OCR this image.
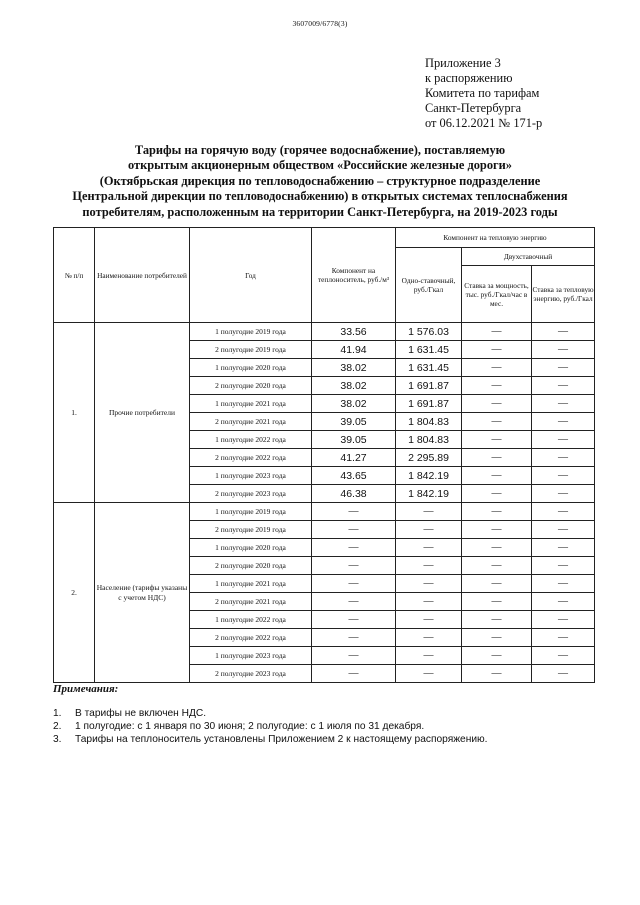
3607009/6778(3)
Приложение 3
к распоряжению
Комитета по тарифам
Санкт-Петербурга
от 06.12.2021 № 171-р
Тарифы на горячую воду (горячее водоснабжение), поставляемую
открытым акционерным обществом «Российские железные дороги»
(Октябрьская дирекция по тепловодоснабжению – структурное подразделение
Центральной дирекции по тепловодоснабжению) в открытых системах теплоснабжения
потребителям, расположенным на территории Санкт-Петербурга, на 2019-2023 годы
№ п/п	Наименование потребителей	Год	Компонент на теплоноситель, руб./м³	Компонент на тепловую энергию		
				Одно-ставочный, руб./Гкал	Двухставочный	
					Ставка за мощность, тыс. руб./Гкал/час в мес.	Ставка за тепловую энергию, руб./Гкал
1.	Прочие потребители	1 полугодие 2019 года	33.56	1 576.03	—	—
		2 полугодие 2019 года	41.94	1 631.45	—	—
		1 полугодие 2020 года	38.02	1 631.45	—	—
		2 полугодие 2020 года	38.02	1 691.87	—	—
		1 полугодие 2021 года	38.02	1 691.87	—	—
		2 полугодие 2021 года	39.05	1 804.83	—	—
		1 полугодие 2022 года	39.05	1 804.83	—	—
		2 полугодие 2022 года	41.27	2 295.89	—	—
		1 полугодие 2023 года	43.65	1 842.19	—	—
		2 полугодие 2023 года	46.38	1 842.19	—	—
2.	Население (тарифы указаны с учетом НДС)	1 полугодие 2019 года	—	—	—	—
		2 полугодие 2019 года	—	—	—	—
		1 полугодие 2020 года	—	—	—	—
		2 полугодие 2020 года	—	—	—	—
		1 полугодие 2021 года	—	—	—	—
		2 полугодие 2021 года	—	—	—	—
		1 полугодие 2022 года	—	—	—	—
		2 полугодие 2022 года	—	—	—	—
		1 полугодие 2023 года	—	—	—	—
		2 полугодие 2023 года	—	—	—	—
Примечания:
1.	В тарифы не включен НДС.
2.	1 полугодие: с 1 января по 30 июня; 2 полугодие: с 1 июля по 31 декабря.
3.	Тарифы на теплоноситель установлены Приложением 2 к настоящему распоряжению.
